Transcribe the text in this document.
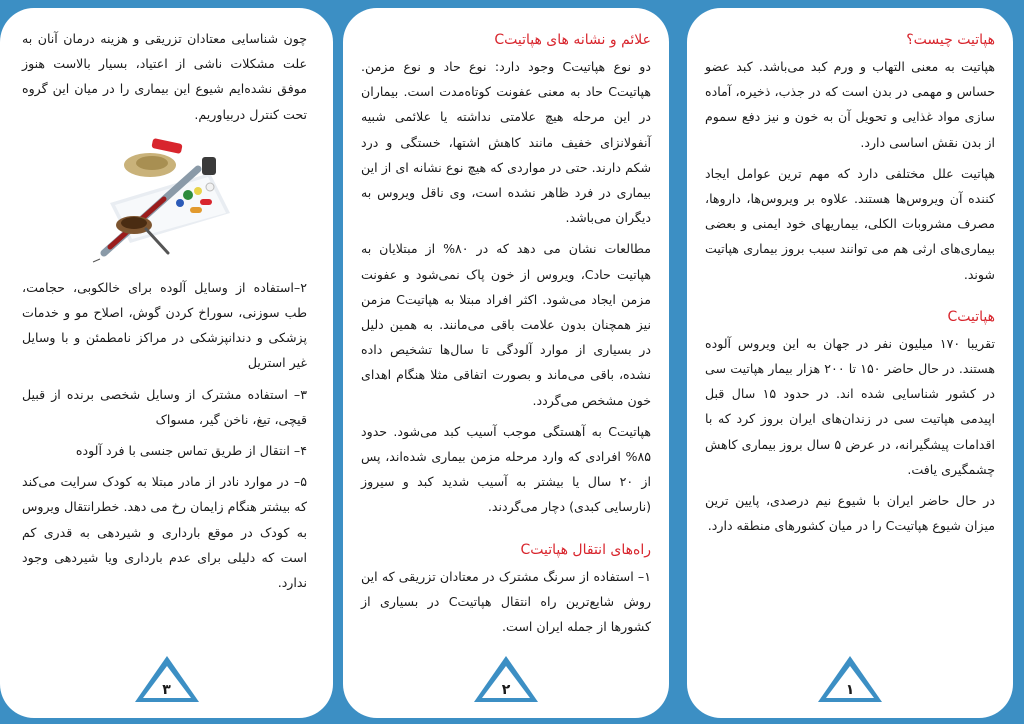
هپاتیت چیست؟

هپاتیت به معنی التهاب و ورم کبد می‌باشد. کبد عضو حساس و مهمی در بدن است که در جذب، ذخیره، آماده سازی مواد غذایی و تحویل آن به خون و نیز دفع سموم از بدن نقش اساسی دارد.

هپاتیت علل مختلفی دارد که مهم ترین عوامل ایجاد کننده آن ویروس‌ها هستند. علاوه بر ویروس‌ها، داروها، مصرف مشروبات الکلی، بیماریهای خود ایمنی و بعضی بیماری‌های ارثی هم می توانند سبب بروز بیماری هپاتیت شوند.

هپاتیتC

تقریبا ۱۷۰ میلیون نفر در جهان به این ویروس آلوده هستند. در حال حاضر ۱۵۰ تا ۲۰۰ هزار بیمار هپاتیت سی در کشور شناسایی شده اند. در حدود ۱۵ سال قبل اپیدمی هپاتیت سی در زندان‌های ایران بروز کرد که با اقدامات پیشگیرانه، در عرض ۵ سال بروز بیماری کاهش چشمگیری یافت.

در حال حاضر ایران با شیوع نیم درصدی، پایین ترین میزان شیوع هپاتیتC را در میان کشورهای منطقه دارد.

۱

علائم و نشانه های هپاتیتC

دو نوع هپاتیتC وجود دارد: نوع حاد و نوع مزمن. هپاتیتC حاد به معنی عفونت کوتاه‌مدت است. بیماران در این مرحله هیچ علامتی نداشته یا علائمی شبیه آنفولانزای خفیف مانند کاهش اشتها، خستگی و درد شکم دارند. حتی در مواردی که هیچ نوع نشانه ای از این بیماری در فرد ظاهر نشده است، وی ناقل ویروس به دیگران می‌باشد.

مطالعات نشان می دهد که در ۸۰% از مبتلایان به هپاتیت حادC، ویروس از خون پاک نمی‌شود و عفونت مزمن ایجاد می‌شود. اکثر افراد مبتلا به هپاتیتC مزمن نیز همچنان بدون علامت باقی می‌مانند. به همین دلیل در بسیاری از موارد آلودگی تا سال‌ها تشخیص داده نشده، باقی می‌ماند و بصورت اتفاقی مثلا هنگام اهدای خون مشخص می‌گردد.

هپاتیتC به آهستگی موجب آسیب کبد می‌شود. حدود ۸۵% افرادی که وارد مرحله مزمن بیماری شده‌اند، پس از ۲۰ سال یا بیشتر به آسیب شدید کبد و سیروز (نارسایی کبدی) دچار می‌گردند.

راه‌های انتقال هپاتیتC

۱– استفاده از سرنگ مشترک در معتادان تزریقی که این روش شایع‌ترین راه انتقال هپاتیتC در بسیاری از کشورها از جمله ایران است.

۲

چون شناسایی معتادان تزریقی و هزینه درمان آنان به علت مشکلات ناشی از اعتیاد، بسیار بالاست هنوز موفق نشده‌ایم شیوع این بیماری را در میان این گروه تحت کنترل دربیاوریم.

۲–استفاده از وسایل آلوده برای خالکوبی، حجامت، طب سوزنی، سوراخ کردن گوش، اصلاح مو و خدمات پزشکی و دندانپزشکی در مراکز نامطمئن و با وسایل غیر استریل

۳– استفاده مشترک از وسایل شخصی برنده از قبیل قیچی، تیغ، ناخن گیر، مسواک

۴– انتقال از طریق تماس جنسی با فرد آلوده

۵– در موارد نادر از مادر مبتلا به کودک سرایت می‌کند که بیشتر هنگام زایمان رخ می دهد. خطرانتقال ویروس به کودک در موقع بارداری و شیردهی به قدری کم است که دلیلی برای عدم بارداری ویا شیردهی وجود ندارد.

۳
